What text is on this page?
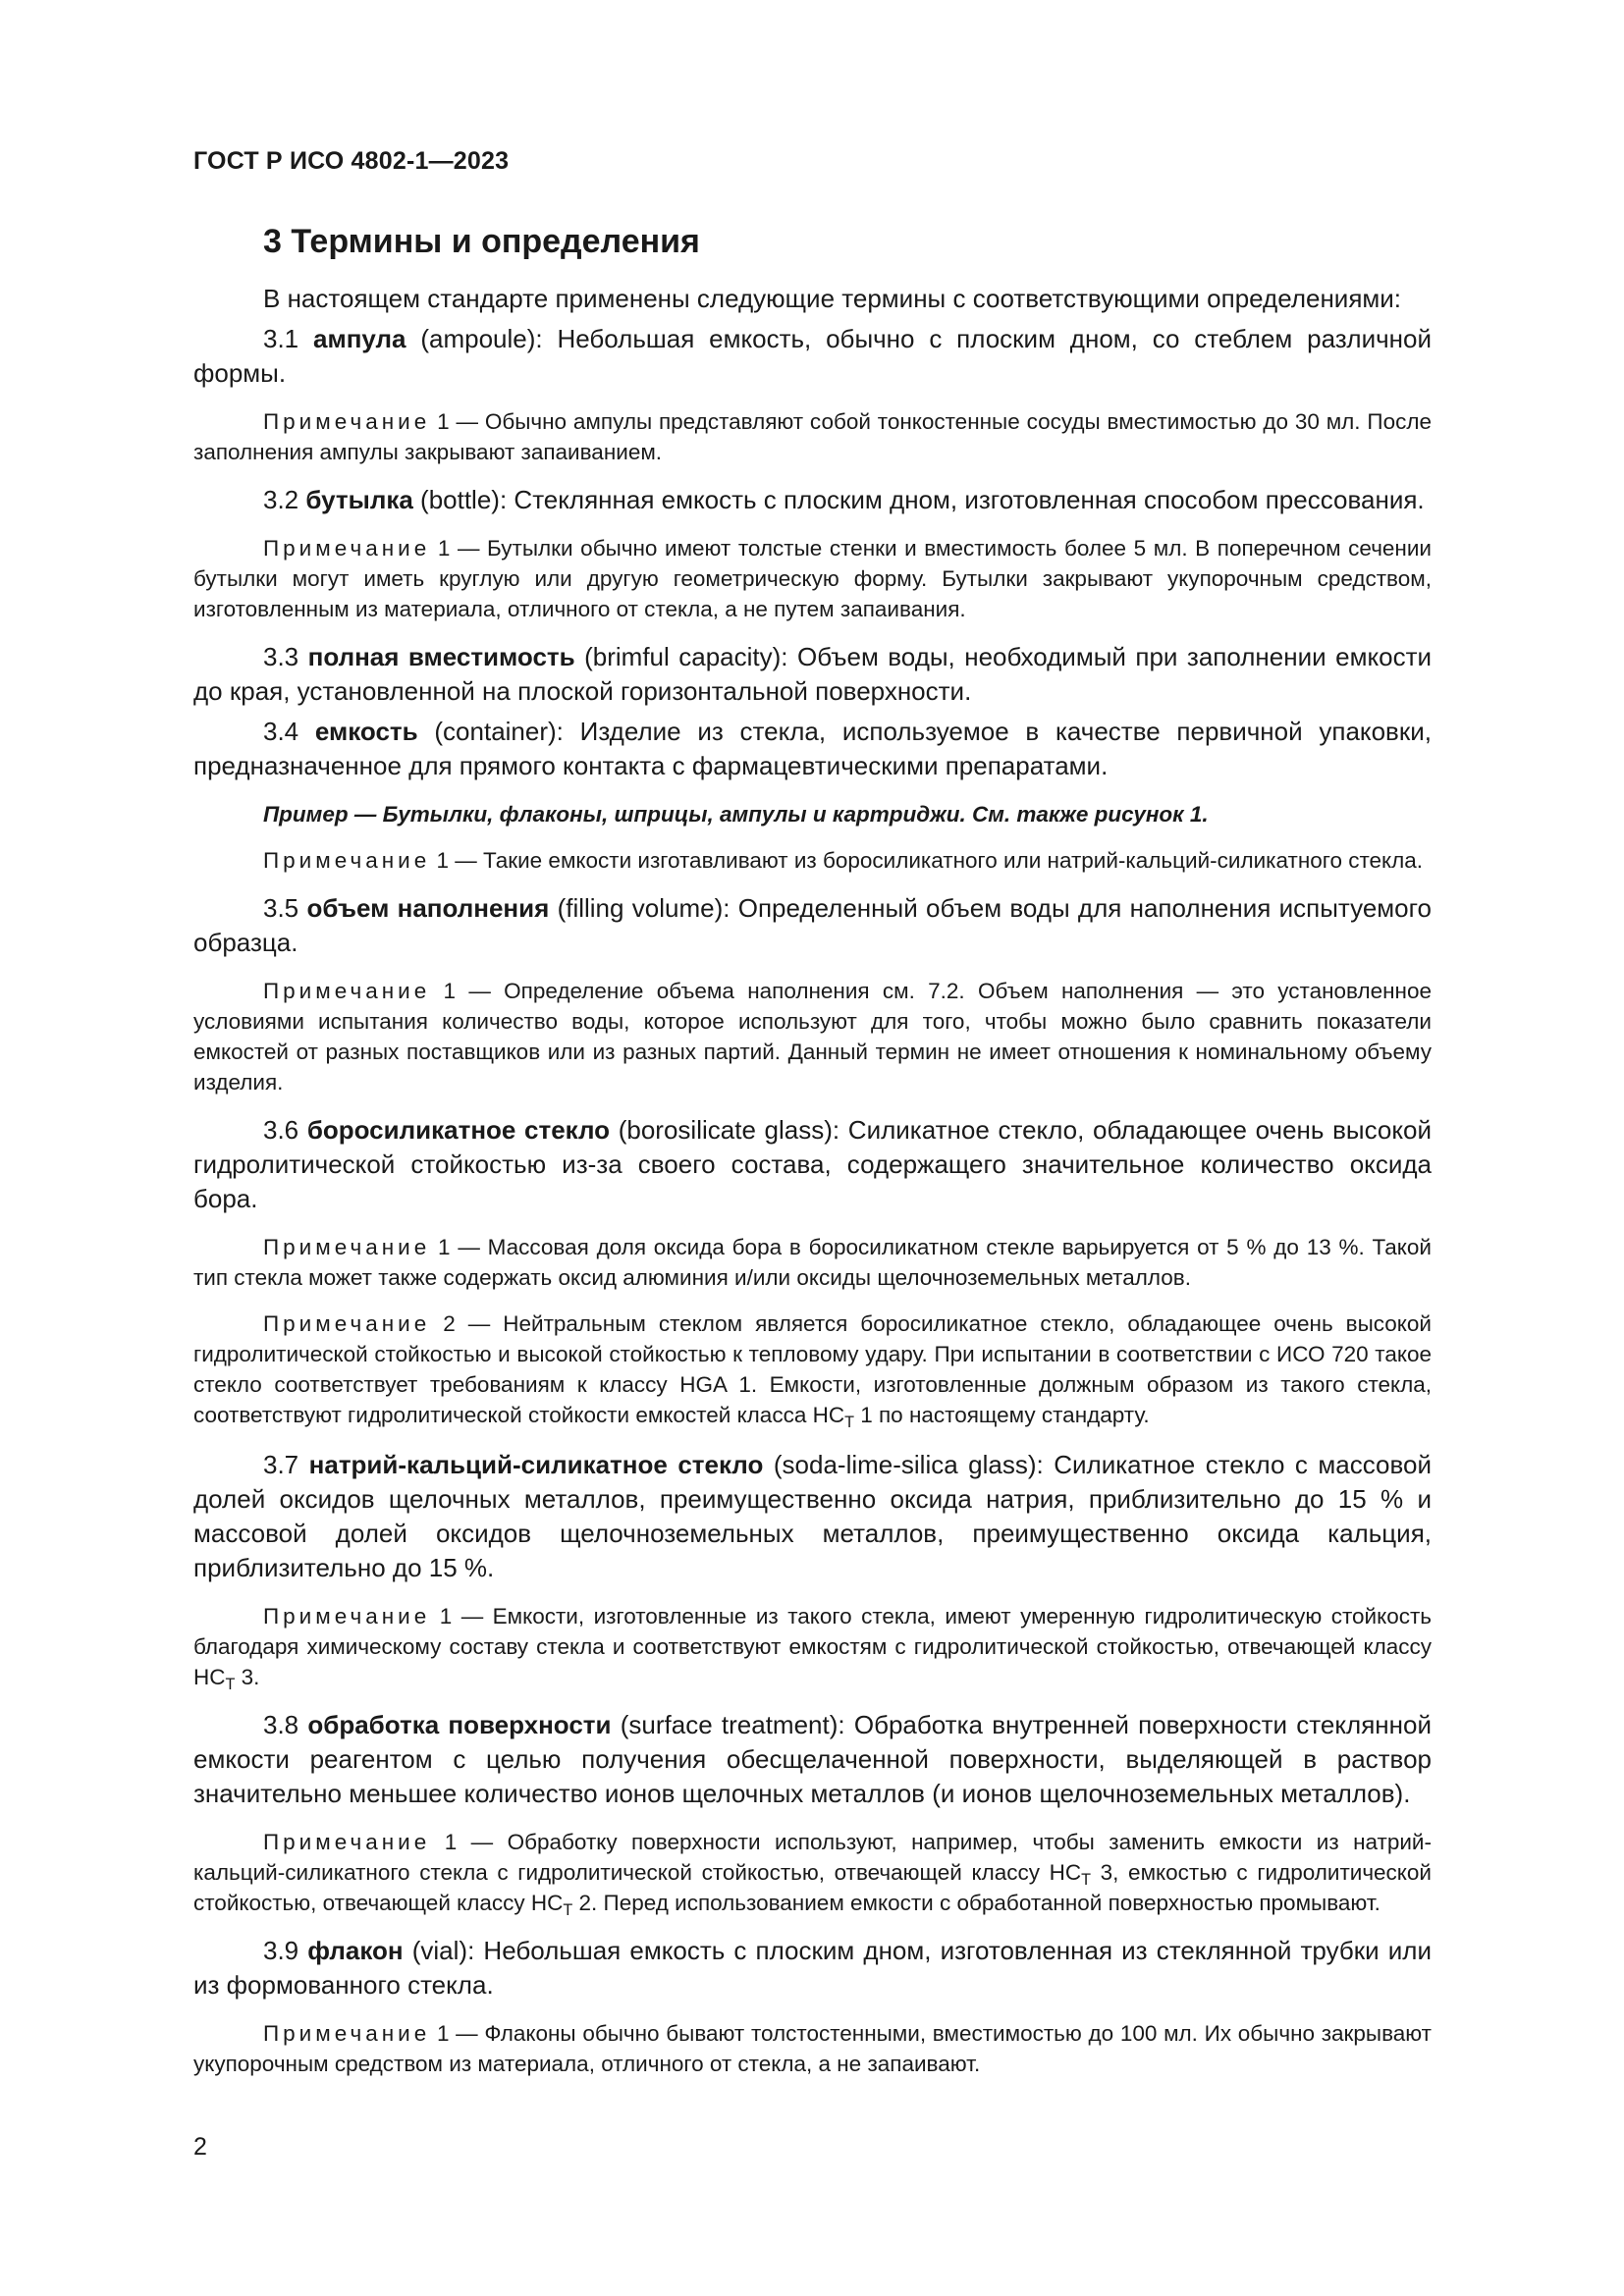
ГОСТ Р ИСО 4802-1—2023
3 Термины и определения

В настоящем стандарте применены следующие термины с соответствующими определениями:

3.1 ампула (ampoule): Небольшая емкость, обычно с плоским дном, со стеблем различной формы.

Примечание 1 — Обычно ампулы представляют собой тонкостенные сосуды вместимостью до 30 мл. После заполнения ампулы закрывают запаиванием.

3.2 бутылка (bottle): Стеклянная емкость с плоским дном, изготовленная способом прессования.

Примечание 1 — Бутылки обычно имеют толстые стенки и вместимость более 5 мл. В поперечном сечении бутылки могут иметь круглую или другую геометрическую форму. Бутылки закрывают укупорочным средством, изготовленным из материала, отличного от стекла, а не путем запаивания.

3.3 полная вместимость (brimful capacity): Объем воды, необходимый при заполнении емкости до края, установленной на плоской горизонтальной поверхности.

3.4 емкость (container): Изделие из стекла, используемое в качестве первичной упаковки, предназначенное для прямого контакта с фармацевтическими препаратами.

Пример — Бутылки, флаконы, шприцы, ампулы и картриджи. См. также рисунок 1.

Примечание 1 — Такие емкости изготавливают из боросиликатного или натрий-кальций-силикатного стекла.

3.5 объем наполнения (filling volume): Определенный объем воды для наполнения испытуемого образца.

Примечание 1 — Определение объема наполнения см. 7.2. Объем наполнения — это установленное условиями испытания количество воды, которое используют для того, чтобы можно было сравнить показатели емкостей от разных поставщиков или из разных партий. Данный термин не имеет отношения к номинальному объему изделия.

3.6 боросиликатное стекло (borosilicate glass): Силикатное стекло, обладающее очень высокой гидролитической стойкостью из-за своего состава, содержащего значительное количество оксида бора.

Примечание 1 — Массовая доля оксида бора в боросиликатном стекле варьируется от 5 % до 13 %. Такой тип стекла может также содержать оксид алюминия и/или оксиды щелочноземельных металлов.

Примечание 2 — Нейтральным стеклом является боросиликатное стекло, обладающее очень высокой гидролитической стойкостью и высокой стойкостью к тепловому удару. При испытании в соответствии с ИСО 720 такое стекло соответствует требованиям к классу HGA 1. Емкости, изготовленные должным образом из такого стекла, соответствуют гидролитической стойкости емкостей класса $НС_Т$ 1 по настоящему стандарту.

3.7 натрий-кальций-силикатное стекло (soda-lime-silica glass): Силикатное стекло с массовой долей оксидов щелочных металлов, преимущественно оксида натрия, приблизительно до 15 % и массовой долей оксидов щелочноземельных металлов, преимущественно оксида кальция, приблизительно до 15 %.

Примечание 1 — Емкости, изготовленные из такого стекла, имеют умеренную гидролитическую стойкость благодаря химическому составу стекла и соответствуют емкостям с гидролитической стойкостью, отвечающей классу $НС_Т$ 3.

3.8 обработка поверхности (surface treatment): Обработка внутренней поверхности стеклянной емкости реагентом с целью получения обесщелаченной поверхности, выделяющей в раствор значительно меньшее количество ионов щелочных металлов (и ионов щелочноземельных металлов).

Примечание 1 — Обработку поверхности используют, например, чтобы заменить емкости из натрий-кальций-силикатного стекла с гидролитической стойкостью, отвечающей классу $НС_Т$ 3, емкостью с гидролитической стойкостью, отвечающей классу $НС_Т$ 2. Перед использованием емкости с обработанной поверхностью промывают.

3.9 флакон (vial): Небольшая емкость с плоским дном, изготовленная из стеклянной трубки или из формованного стекла.

Примечание 1 — Флаконы обычно бывают толстостенными, вместимостью до 100 мл. Их обычно закрывают укупорочным средством из материала, отличного от стекла, а не запаивают.

2
